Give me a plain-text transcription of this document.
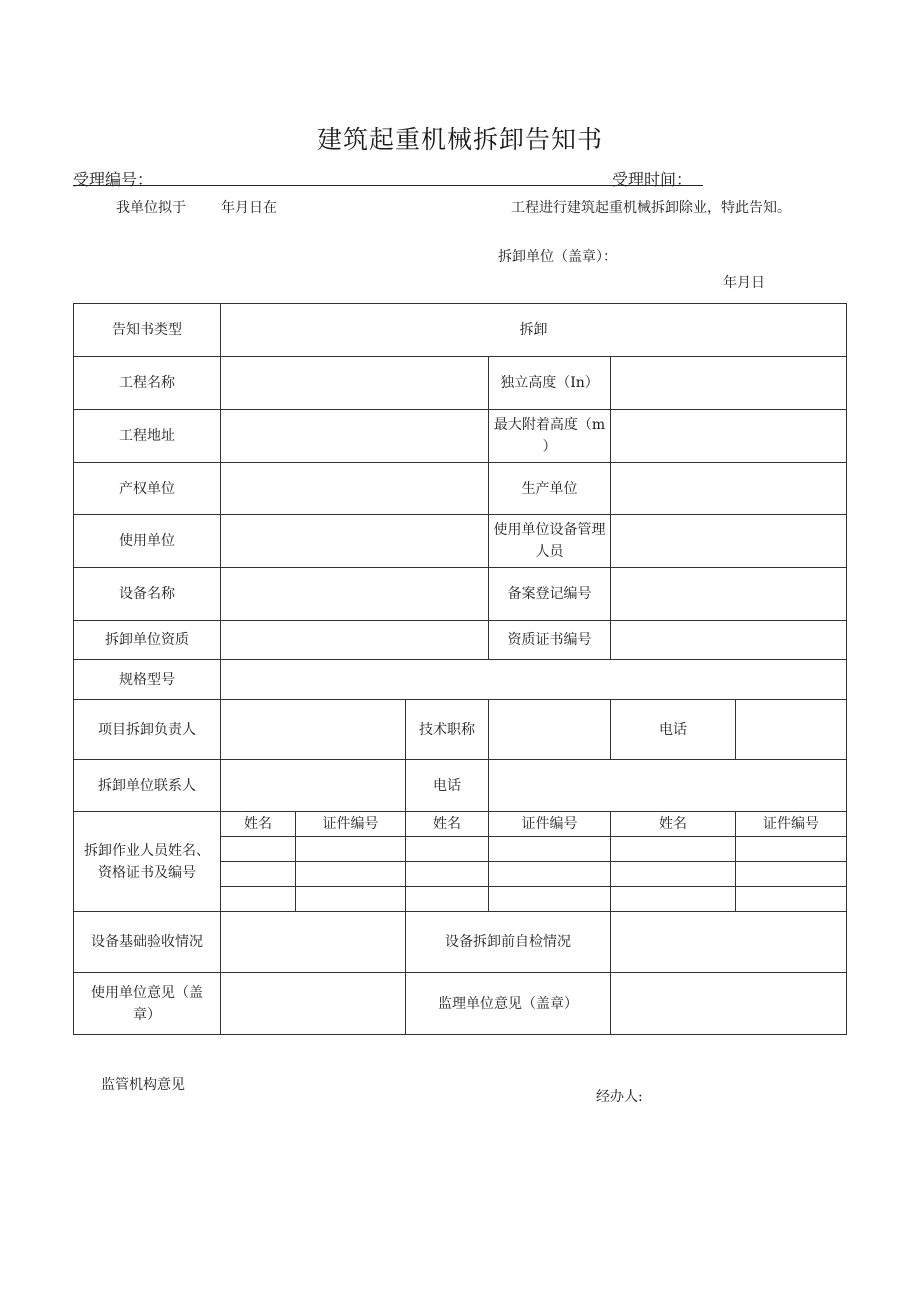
建筑起重机械拆卸告知书
受理编号：	受理时间：
我单位拟于	年月日在	工程进行建筑起重机械拆卸除业，特此告知。
拆卸单位（盖章）：
年月日
告知书类型	拆卸					
工程名称				独立高度（In）		
工程地址				最大附着高度（m
）		
产权单位				生产单位		
使用单位				使用单位设备管理
人员		
设备名称				备案登记编号		
拆卸单位资质				资质证书编号		
规格型号						
项目拆卸负责人			技术职称		电话	
拆卸单位联系人			电话			
拆卸作业人员姓名、
资格证书及编号	姓名	证件编号	姓名	证件编号	姓名	证件编号

设备基础验收情况			设备拆卸前自检情况			
使用单位意见（盖
章）			监理单位意见（盖章）			
监管机构意见
经办人:
